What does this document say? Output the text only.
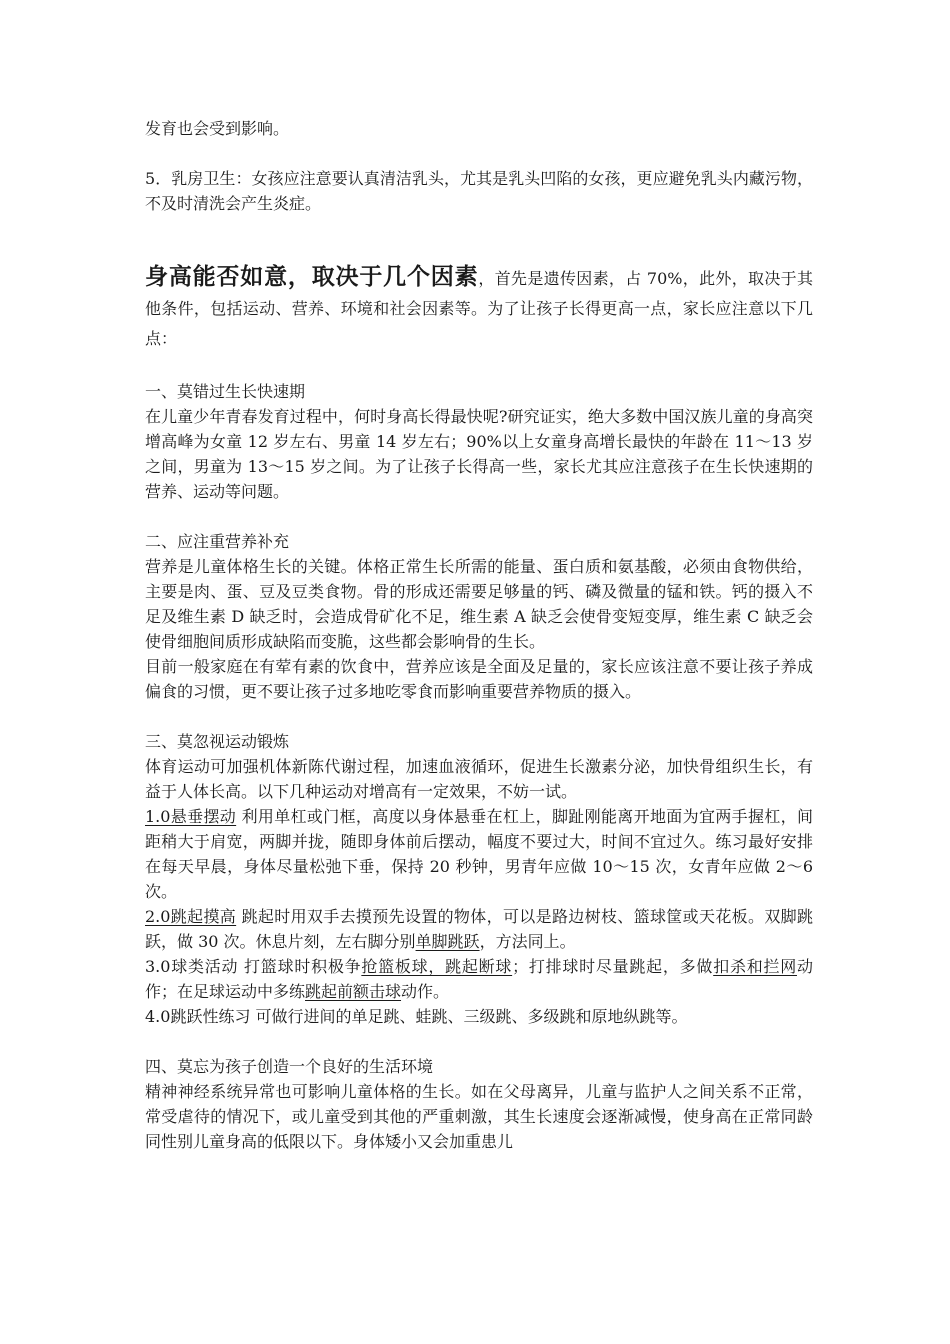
发育也会受到影响。

5．乳房卫生：女孩应注意要认真清洁乳头，尤其是乳头凹陷的女孩，更应避免乳头内藏污物，不及时清洗会产生炎症。

身高能否如意，取决于几个因素，首先是遗传因素，占 70%，此外，取决于其他条件，包括运动、营养、环境和社会因素等。为了让孩子长得更高一点，家长应注意以下几点：

一、莫错过生长快速期

在儿童少年青春发育过程中，何时身高长得最快呢?研究证实，绝大多数中国汉族儿童的身高突增高峰为女童 12 岁左右、男童 14 岁左右；90%以上女童身高增长最快的年龄在 11～13 岁之间，男童为 13～15 岁之间。为了让孩子长得高一些，家长尤其应注意孩子在生长快速期的营养、运动等问题。

二、应注重营养补充

营养是儿童体格生长的关键。体格正常生长所需的能量、蛋白质和氨基酸，必须由食物供给，主要是肉、蛋、豆及豆类食物。骨的形成还需要足够量的钙、磷及微量的锰和铁。钙的摄入不足及维生素 D 缺乏时，会造成骨矿化不足，维生素 A 缺乏会使骨变短变厚，维生素 C 缺乏会使骨细胞间质形成缺陷而变脆，这些都会影响骨的生长。

目前一般家庭在有荤有素的饮食中，营养应该是全面及足量的，家长应该注意不要让孩子养成偏食的习惯，更不要让孩子过多地吃零食而影响重要营养物质的摄入。

三、莫忽视运动锻炼

体育运动可加强机体新陈代谢过程，加速血液循环，促进生长激素分泌，加快骨组织生长，有益于人体长高。以下几种运动对增高有一定效果，不妨一试。

1.0悬垂摆动 利用单杠或门框，高度以身体悬垂在杠上，脚趾刚能离开地面为宜两手握杠，间距稍大于肩宽，两脚并拢，随即身体前后摆动，幅度不要过大，时间不宜过久。练习最好安排在每天早晨，身体尽量松弛下垂，保持 20 秒钟，男青年应做 10～15 次，女青年应做 2～6 次。

2.0跳起摸高 跳起时用双手去摸预先设置的物体，可以是路边树枝、篮球筐或天花板。双脚跳跃，做 30 次。休息片刻，左右脚分别单脚跳跃，方法同上。

3.0球类活动 打篮球时积极争抢篮板球，跳起断球；打排球时尽量跳起，多做扣杀和拦网动作；在足球运动中多练跳起前额击球动作。

4.0跳跃性练习 可做行进间的单足跳、蛙跳、三级跳、多级跳和原地纵跳等。

四、莫忘为孩子创造一个良好的生活环境

精神神经系统异常也可影响儿童体格的生长。如在父母离异，儿童与监护人之间关系不正常，常受虐待的情况下，或儿童受到其他的严重刺激，其生长速度会逐渐减慢，使身高在正常同龄同性别儿童身高的低限以下。身体矮小又会加重患儿
